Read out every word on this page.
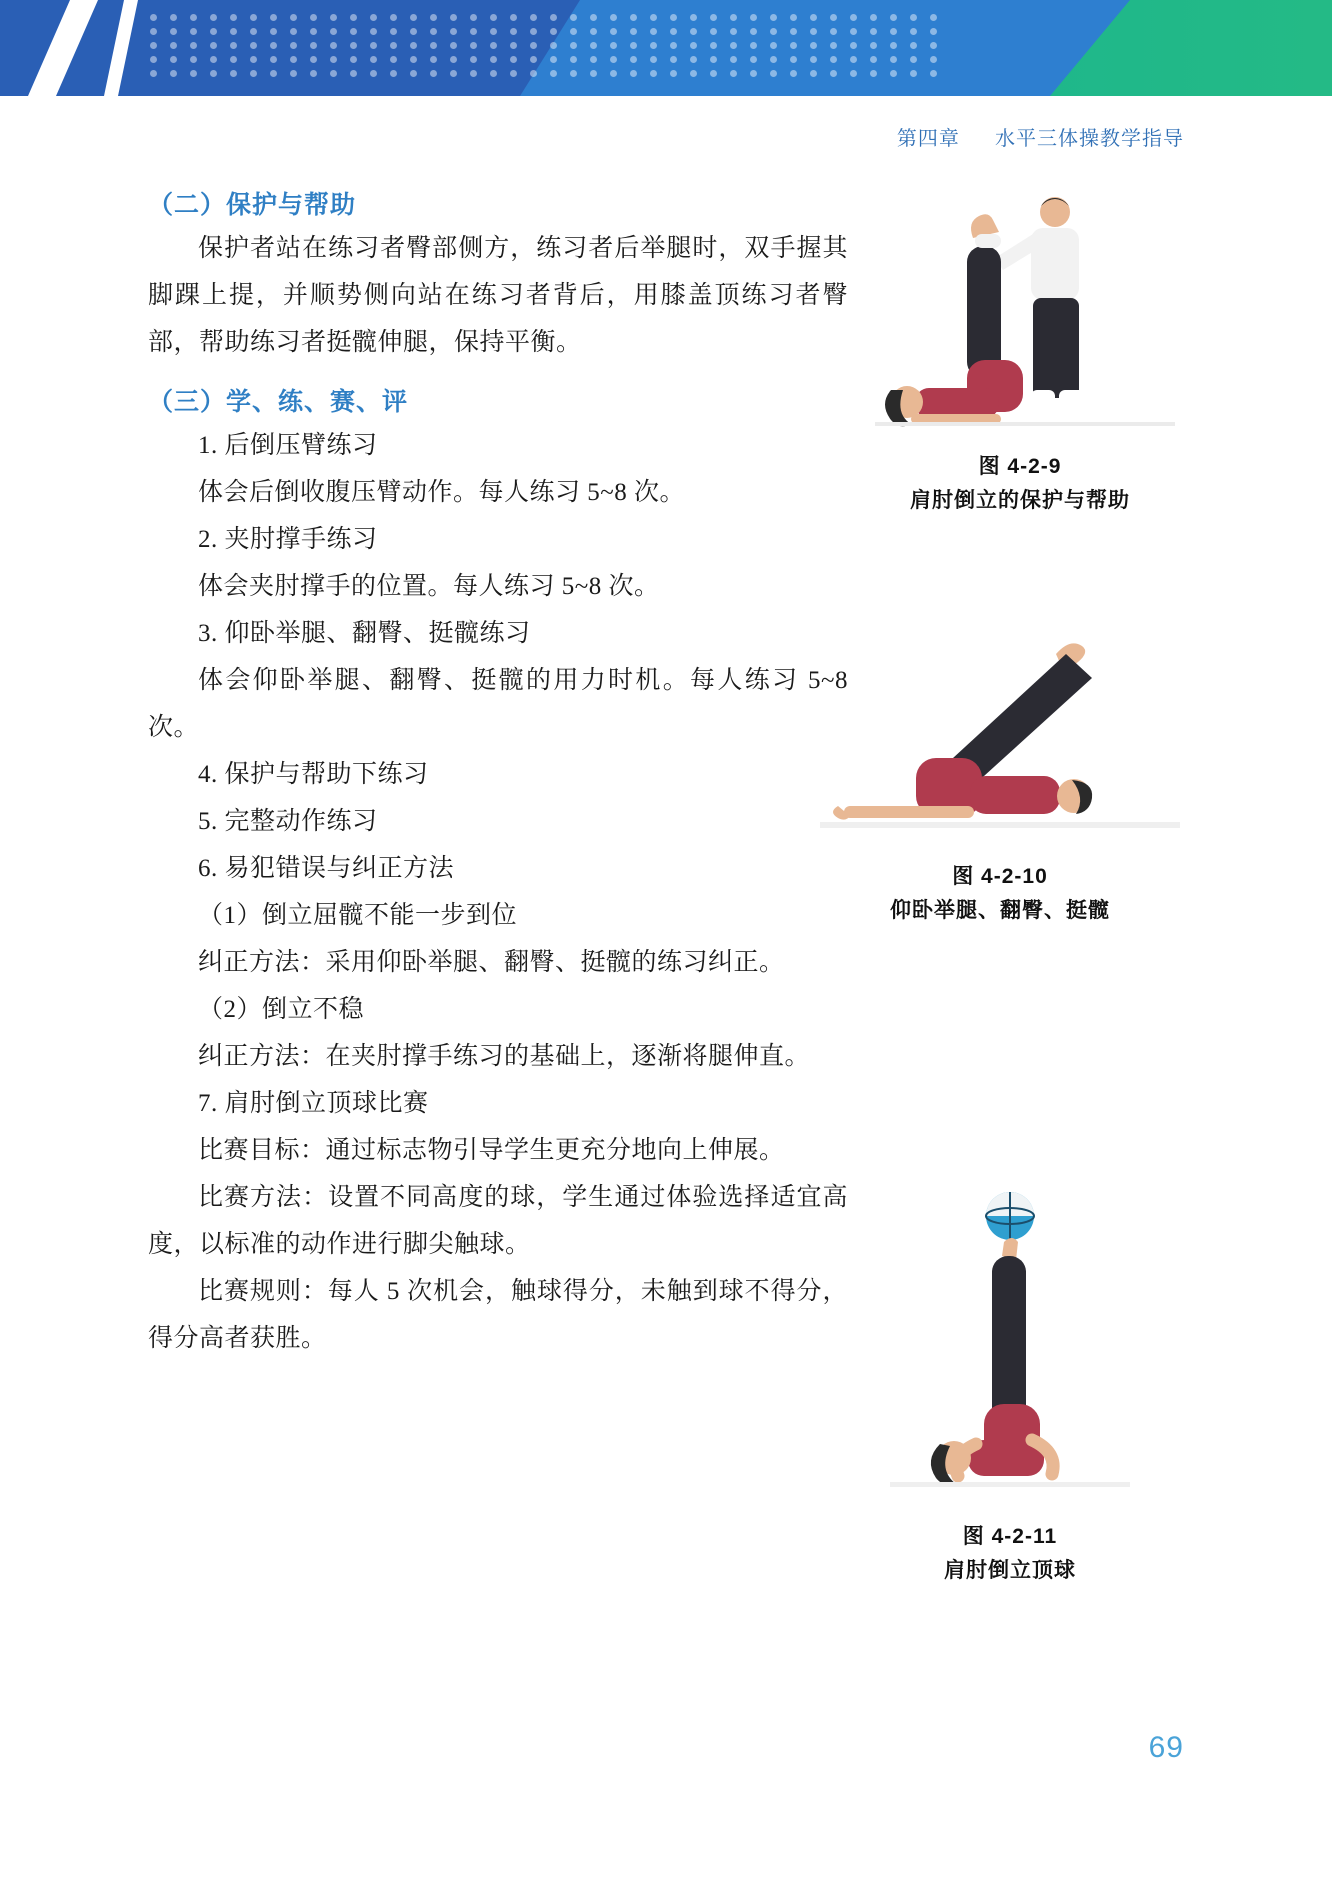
第四章 水平三体操教学指导
（二）保护与帮助

保护者站在练习者臀部侧方，练习者后举腿时，双手握其脚踝上提，并顺势侧向站在练习者背后，用膝盖顶练习者臀部，帮助练习者挺髋伸腿，保持平衡。

（三）学、练、赛、评

1. 后倒压臂练习

体会后倒收腹压臂动作。每人练习 5~8 次。

2. 夹肘撑手练习

体会夹肘撑手的位置。每人练习 5~8 次。

3. 仰卧举腿、翻臀、挺髋练习

体会仰卧举腿、翻臀、挺髋的用力时机。每人练习 5~8 次。

4. 保护与帮助下练习

5. 完整动作练习

6. 易犯错误与纠正方法

（1）倒立屈髋不能一步到位

纠正方法：采用仰卧举腿、翻臀、挺髋的练习纠正。

（2）倒立不稳

纠正方法：在夹肘撑手练习的基础上，逐渐将腿伸直。

7. 肩肘倒立顶球比赛

比赛目标：通过标志物引导学生更充分地向上伸展。

比赛方法：设置不同高度的球，学生通过体验选择适宜高度，以标准的动作进行脚尖触球。

比赛规则：每人 5 次机会，触球得分，未触到球不得分，得分高者获胜。

图 4-2-9
肩肘倒立的保护与帮助
图 4-2-10
仰卧举腿、翻臀、挺髋
图 4-2-11
肩肘倒立顶球
69
